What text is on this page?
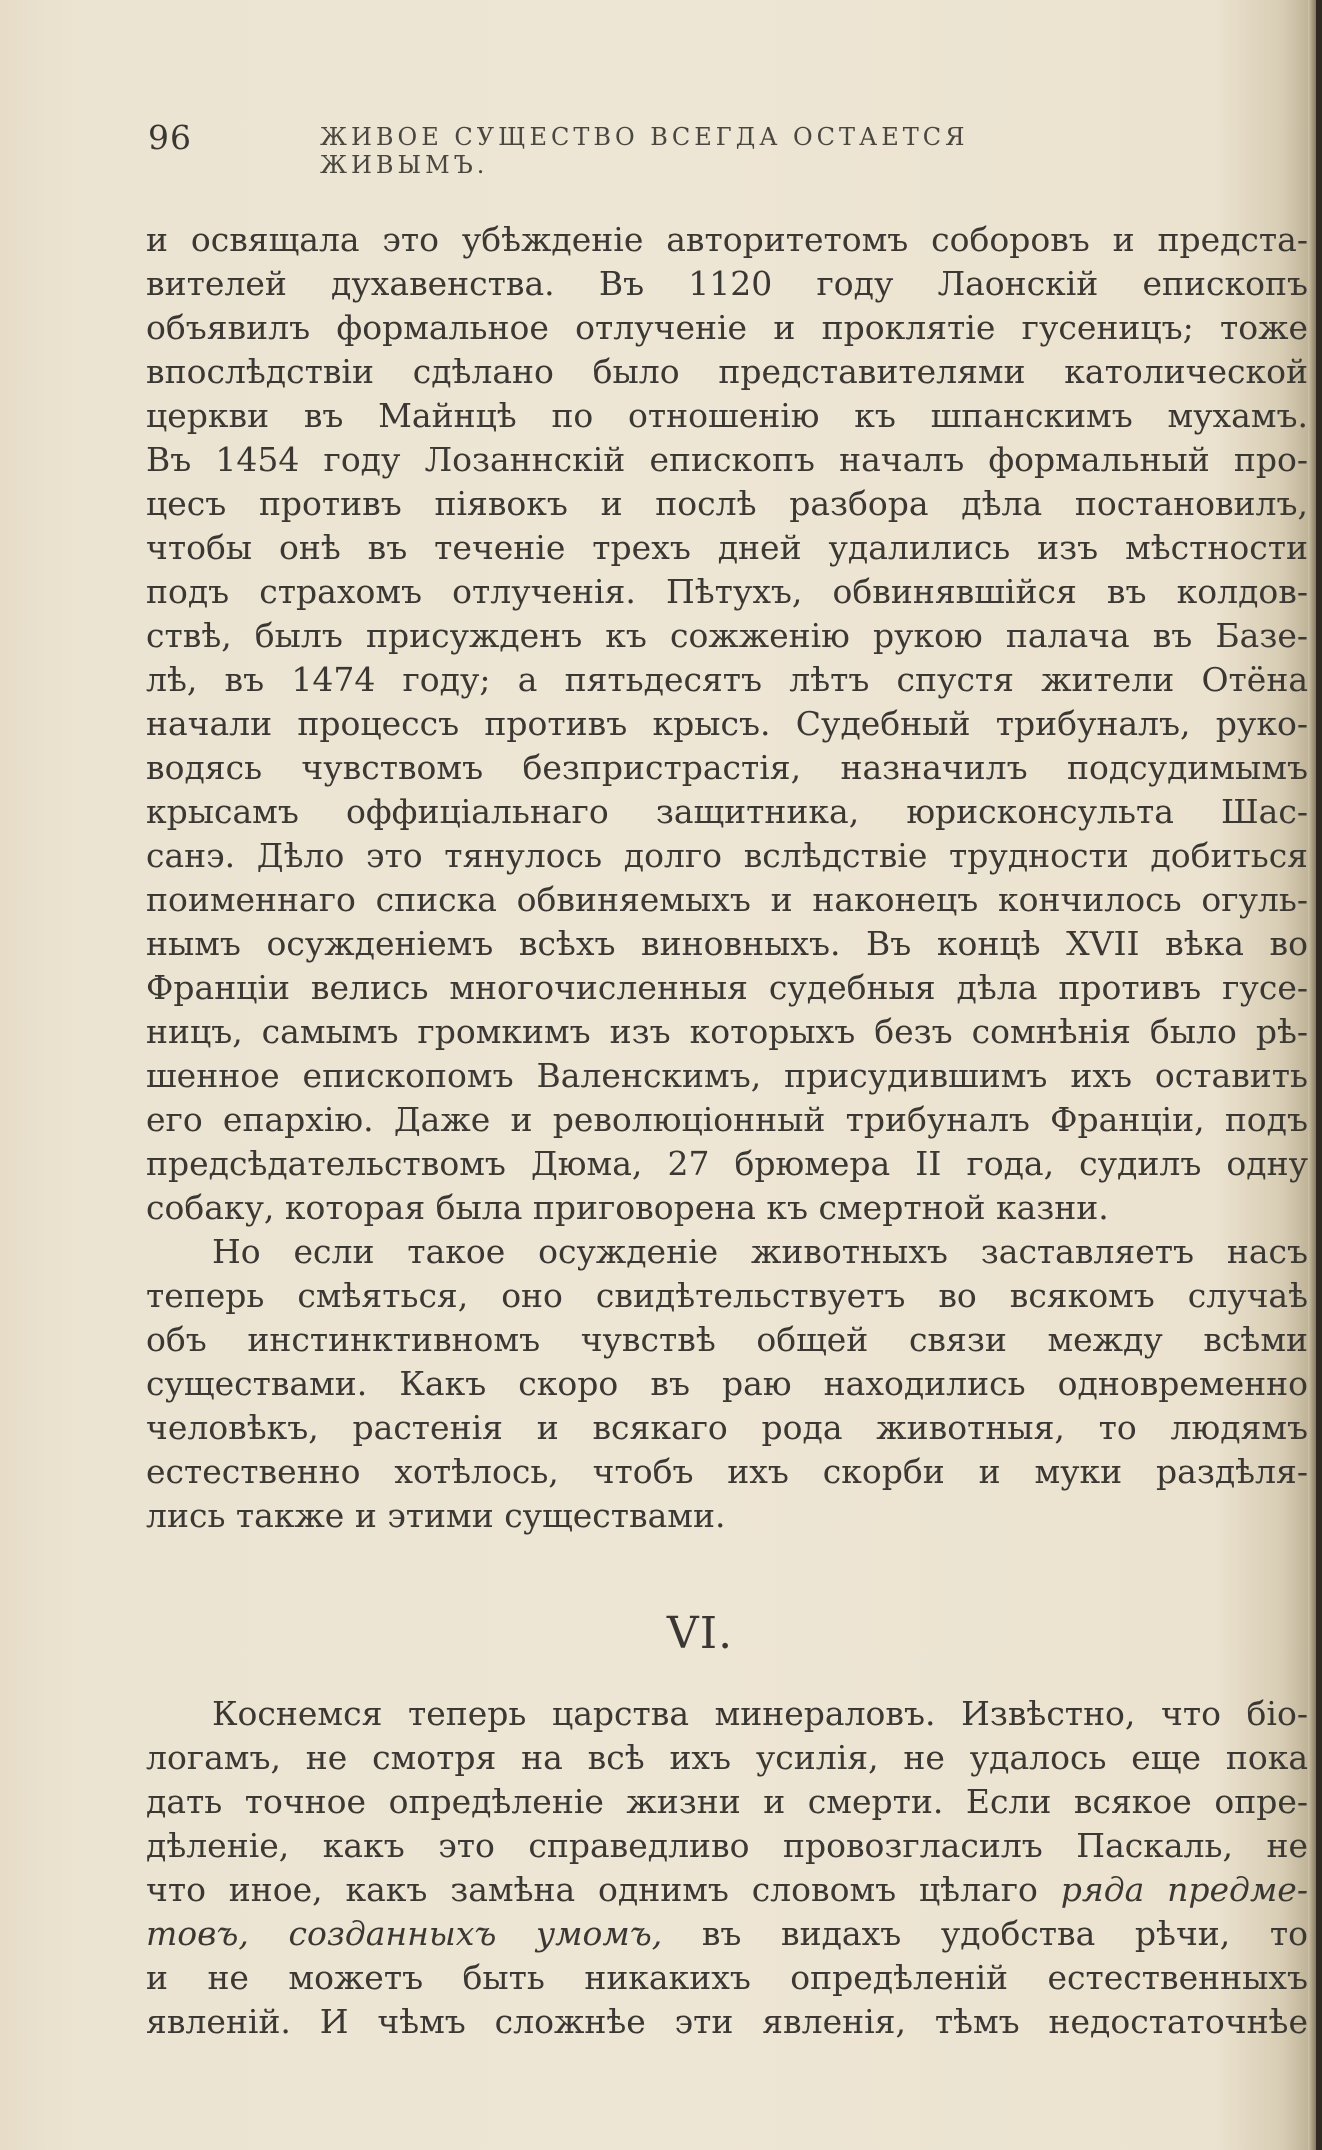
96	ЖИВОЕ СУЩЕСТВО ВСЕГДА ОСТАЕТСЯ ЖИВЫМЪ.
и освящала это убѣжденіе авторитетомъ соборовъ и предста-
вителей духавенства. Въ 1120 году Лаонскій епископъ
объявилъ формальное отлученіе и проклятіе гусеницъ; тоже
впослѣдствіи сдѣлано было представителями католической
церкви въ Майнцѣ по отношенію къ шпанскимъ мухамъ.
Въ 1454 году Лозаннскій епископъ началъ формальный про-
цесъ противъ піявокъ и послѣ разбора дѣла постановилъ,
чтобы онѣ въ теченіе трехъ дней удалились изъ мѣстности
подъ страхомъ отлученія. Пѣтухъ, обвинявшійся въ колдов-
ствѣ, былъ присужденъ къ сожженію рукою палача въ Базе-
лѣ, въ 1474 году; а пятьдесятъ лѣтъ спустя жители Отёна
начали процессъ противъ крысъ. Судебный трибуналъ, руко-
водясь чувствомъ безпристрастія, назначилъ подсудимымъ
крысамъ оффиціальнаго защитника, юрисконсульта Шас-
санэ. Дѣло это тянулось долго вслѣдствіе трудности добиться
поименнаго списка обвиняемыхъ и наконецъ кончилось огуль-
нымъ осужденіемъ всѣхъ виновныхъ. Въ концѣ XVII вѣка во
Франціи велись многочисленныя судебныя дѣла противъ гусе-
ницъ, самымъ громкимъ изъ которыхъ безъ сомнѣнія было рѣ-
шенное епископомъ Валенскимъ, присудившимъ ихъ оставить
его епархію. Даже и революціонный трибуналъ Франціи, подъ
предсѣдательствомъ Дюма, 27 брюмера II года, судилъ одну
собаку, которая была приговорена къ смертной казни.
Но если такое осужденіе животныхъ заставляетъ насъ
теперь смѣяться, оно свидѣтельствуетъ во всякомъ случаѣ
объ инстинктивномъ чувствѣ общей связи между всѣми
существами. Какъ скоро въ раю находились одновременно
человѣкъ, растенія и всякаго рода животныя, то людямъ
естественно хотѣлось, чтобъ ихъ скорби и муки раздѣля-
лись также и этими существами.
VI.
Коснемся теперь царства минераловъ. Извѣстно, что біо-
логамъ, не смотря на всѣ ихъ усилія, не удалось еще пока
дать точное опредѣленіе жизни и смерти. Если всякое опре-
дѣленіе, какъ это справедливо провозгласилъ Паскаль, не
что иное, какъ замѣна однимъ словомъ цѣлаго ряда предме-
товъ, созданныхъ умомъ, въ видахъ удобства рѣчи, то
и не можетъ быть никакихъ опредѣленій естественныхъ
явленій. И чѣмъ сложнѣе эти явленія, тѣмъ недостаточнѣе
